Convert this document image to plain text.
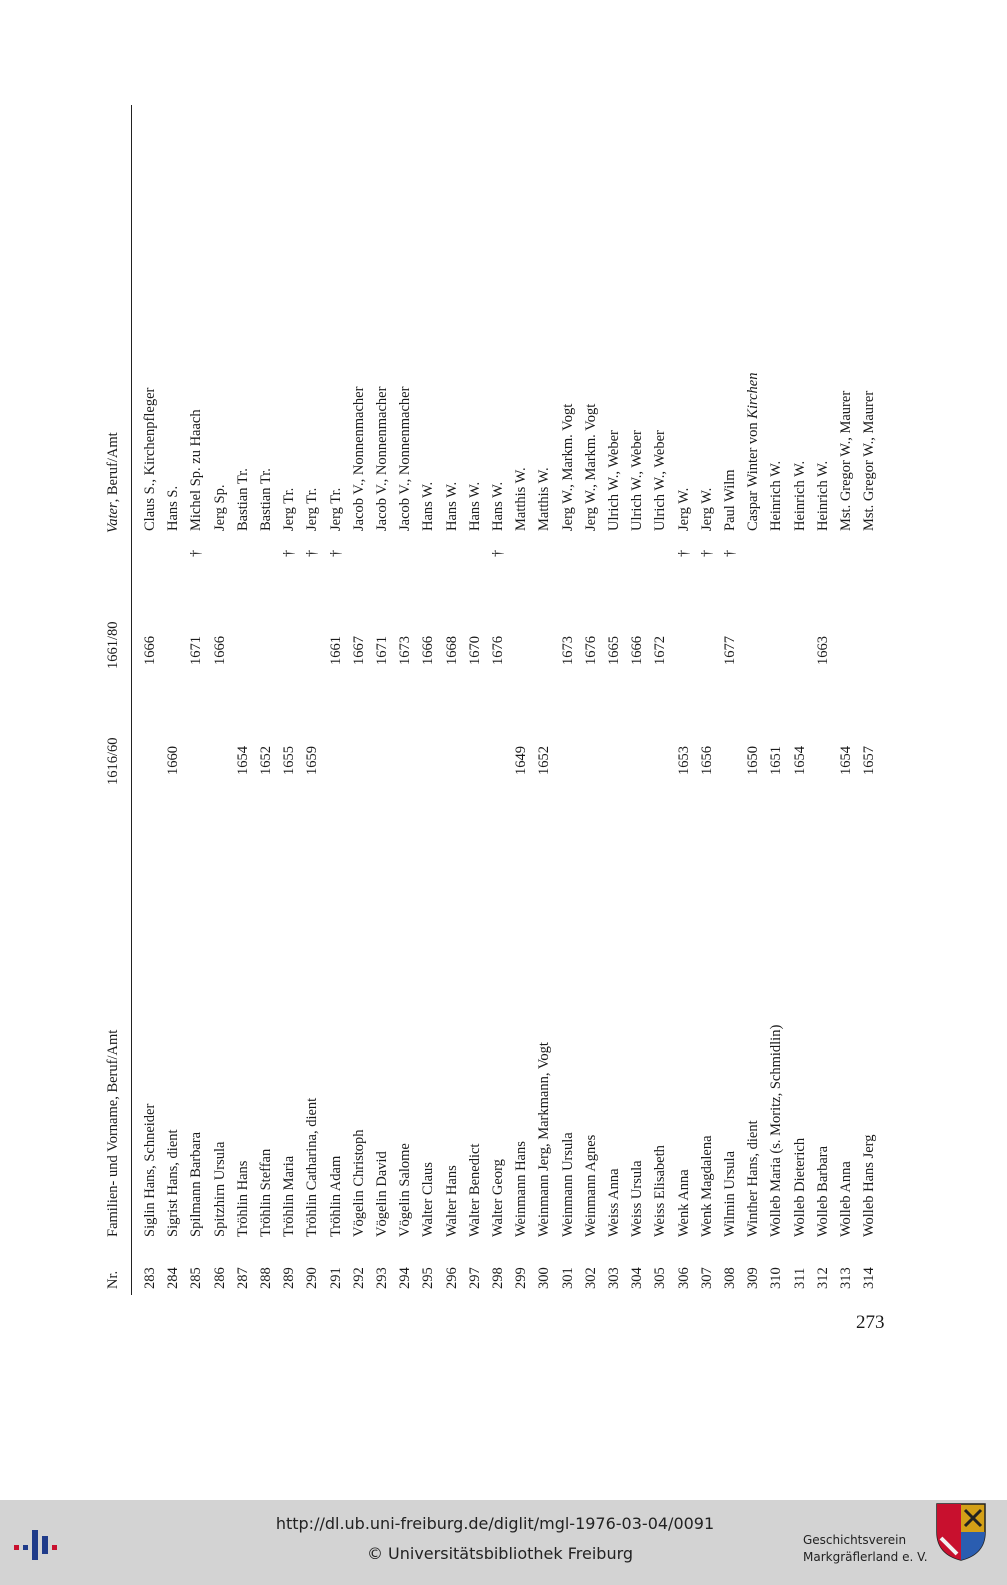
Nr.
Familien- und Vorname, Beruf/Amt
1616/60
1661/80
Vater, Beruf/Amt
283
Siglin Hans, Schneider
1666
Claus S., Kirchenpfleger
284
Sigrist Hans, dient
1660
Hans S.
285
Spilmann Barbara
1671
†
Michel Sp. zu Haach
286
Spitzhirn Ursula
1666
Jerg Sp.
287
Tröhlin Hans
1654
Bastian Tr.
288
Tröhlin Steffan
1652
Bastian Tr.
289
Tröhlin Maria
1655
†
Jerg Tr.
290
Tröhlin Catharina, dient
1659
†
Jerg Tr.
291
Tröhlin Adam
1661
†
Jerg Tr.
292
Vögelin Christoph
1667
Jacob V., Nonnenmacher
293
Vögelin David
1671
Jacob V., Nonnenmacher
294
Vögelin Salome
1673
Jacob V., Nonnenmacher
295
Walter Claus
1666
Hans W.
296
Walter Hans
1668
Hans W.
297
Walter Benedict
1670
Hans W.
298
Walter Georg
1676
†
Hans W.
299
Weinmann Hans
1649
Matthis W.
300
Weinmann Jerg, Markmann, Vogt
1652
Matthis W.
301
Weinmann Ursula
1673
Jerg W., Markm. Vogt
302
Weinmann Agnes
1676
Jerg W., Markm. Vogt
303
Weiss Anna
1665
Ulrich W., Weber
304
Weiss Ursula
1666
Ulrich W., Weber
305
Weiss Elisabeth
1672
Ulrich W., Weber
306
Wenk Anna
1653
†
Jerg W.
307
Wenk Magdalena
1656
†
Jerg W.
308
Wilmin Ursula
1677
†
Paul Wilm
309
Winther Hans, dient
1650
Caspar Winter von Kirchen
310
Wolleb Maria (s. Moritz, Schmidlin)
1651
Heinrich W.
311
Wolleb Dieterich
1654
Heinrich W.
312
Wolleb Barbara
1663
Heinrich W.
313
Wolleb Anna
1654
Mst. Gregor W., Maurer
314
Wolleb Hans Jerg
1657
Mst. Gregor W., Maurer
273
http://dl.ub.uni-freiburg.de/diglit/mgl-1976-03-04/0091
© Universitätsbibliothek Freiburg
Geschichtsverein
Markgräflerland e. V.
